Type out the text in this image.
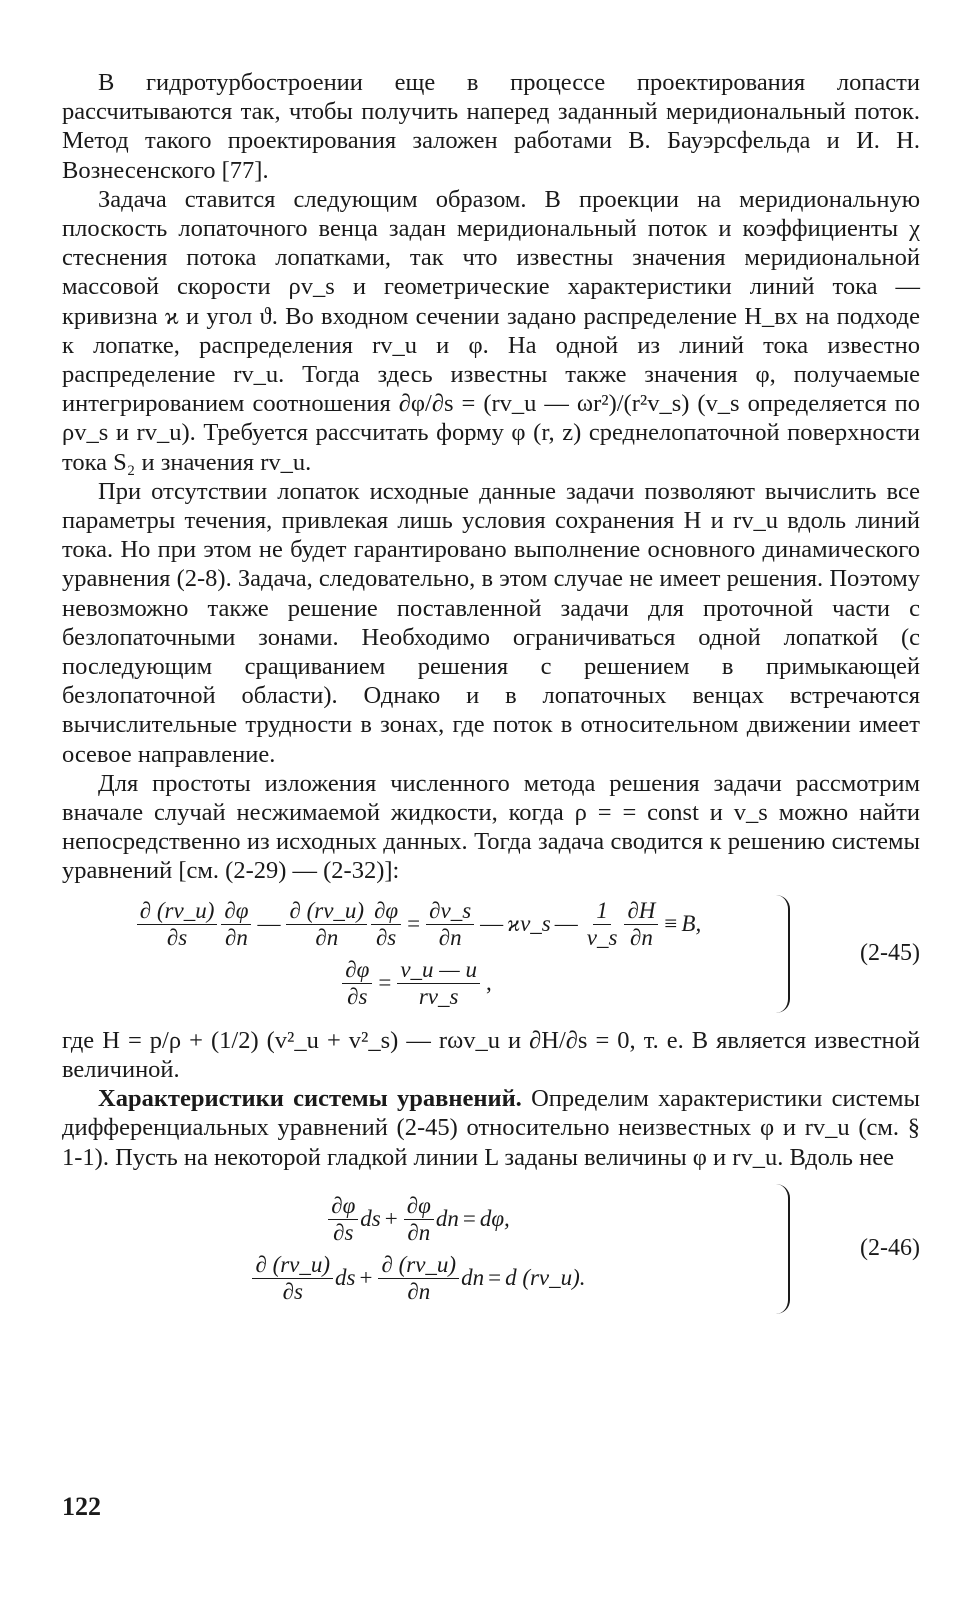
В гидротурбостроении еще в процессе проектирования лопасти рассчитываются так, чтобы получить наперед заданный меридиональный поток. Метод такого проектирования заложен работами В. Бауэрсфельда и И. Н. Вознесенского [77].

Задача ставится следующим образом. В проекции на меридиональную плоскость лопаточного венца задан меридиональный поток и коэффициенты χ стеснения потока лопатками, так что известны значения меридиональной массовой скорости ρv_s и геометрические характеристики линий тока — кривизна ϰ и угол ϑ. Во входном сечении задано распределение H_вх на подходе к лопатке, распределения rv_u и φ. На одной из линий тока известно распределение rv_u. Тогда здесь известны также значения φ, получаемые интегрированием соотношения ∂φ/∂s = (rv_u — ωr²)/(r²v_s) (v_s определяется по ρv_s и rv_u). Требуется рассчитать форму φ (r, z) среднелопаточной поверхности тока S₂ и значения rv_u.

При отсутствии лопаток исходные данные задачи позволяют вычислить все параметры течения, привлекая лишь условия сохранения H и rv_u вдоль линий тока. Но при этом не будет гарантировано выполнение основного динамического уравнения (2-8). Задача, следовательно, в этом случае не имеет решения. Поэтому невозможно также решение поставленной задачи для проточной части с безлопаточными зонами. Необходимо ограничиваться одной лопаткой (с последующим сращиванием решения с решением в примыкающей безлопаточной области). Однако и в лопаточных венцах встречаются вычислительные трудности в зонах, где поток в относительном движении имеет осевое направление.

Для простоты изложения численного метода решения задачи рассмотрим вначале случай несжимаемой жидкости, когда ρ = = const и v_s можно найти непосредственно из исходных данных. Тогда задача сводится к решению системы уравнений [см. (2-29) — (2-32)]:

$\frac{\partial (rv\_u)}{\partial s} \frac{\partial\varphi}{\partial n}$ — $\frac{\partial (rv\_u)}{\partial n} \frac{\partial\varphi}{\partial s} = \frac{\partial v\_s}{\partial n}$ — ϰv_s — $\frac{1}{v\_s} \frac{\partial H}{\partial n} \equiv B$,
$\frac{\partial\varphi}{\partial s} = \frac{v\_u — u}{rv\_s}$ ,
(2-45)

где H = p/ρ + (1/2) (v²_u + v²_s) — rωv_u и ∂H/∂s = 0, т. е. B является известной величиной.

Характеристики системы уравнений. Определим характеристики системы дифференциальных уравнений (2-45) относительно неизвестных φ и rv_u (см. § 1-1). Пусть на некоторой гладкой линии L заданы величины φ и rv_u. Вдоль нее

$\frac{\partial\varphi}{\partial s}$ ds + $\frac{\partial\varphi}{\partial n}$ dn = dφ,
$\frac{\partial (rv\_u)}{\partial s}$ ds + $\frac{\partial (rv\_u)}{\partial n}$ dn = d (rv_u).
(2-46)
122
